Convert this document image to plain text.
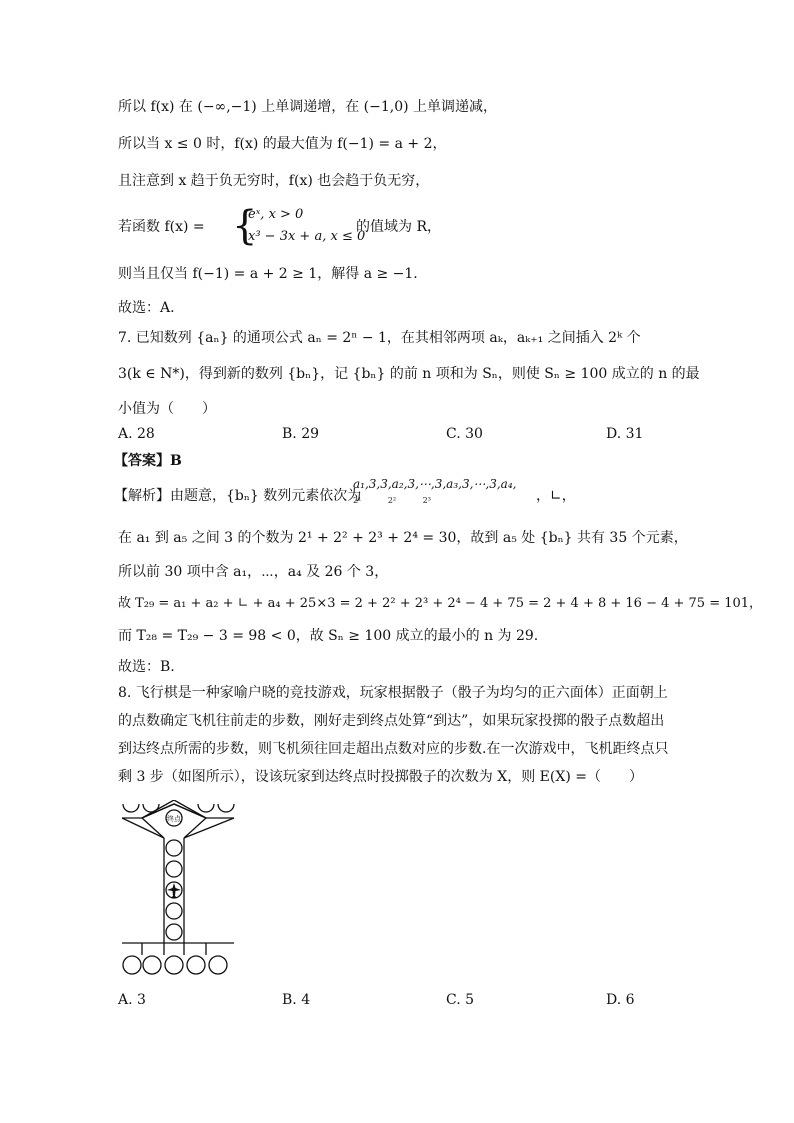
所以 f(x) 在 (−∞,−1) 上单调递增，在 (−1,0) 上单调递减，
所以当 x ≤ 0 时，f(x) 的最大值为 f(−1) = a + 2，
且注意到 x 趋于负无穷时，f(x) 也会趋于负无穷，
若函数 f(x) = {
eˣ, x > 0
x³ − 3x + a, x ≤ 0
的值域为 R，
则当且仅当 f(−1) = a + 2 ≥ 1，解得 a ≥ −1.
故选：A.
7. 已知数列 {aₙ} 的通项公式 aₙ = 2ⁿ − 1，在其相邻两项 aₖ，aₖ₊₁ 之间插入 2ᵏ 个
3(k ∈ N*)，得到新的数列 {bₙ}，记 {bₙ} 的前 n 项和为 Sₙ，则使 Sₙ ≥ 100 成立的 n 的最
小值为（　　）
A. 28	B. 29	C. 30	D. 31
【答案】B
【解析】由题意，{bₙ} 数列元素依次为
a₁,3,3,a₂,3,⋯,3,a₃,3,⋯,3,a₄,
2¹　　　 2²　　　 2³	，∟，
在 a₁ 到 a₅ 之间 3 的个数为 2¹ + 2² + 2³ + 2⁴ = 30，故到 a₅ 处 {bₙ} 共有 35 个元素，
所以前 30 项中含 a₁，⋯，a₄ 及 26 个 3，
故 T₂₉ = a₁ + a₂ + ∟ + a₄ + 25×3 = 2 + 2² + 2³ + 2⁴ − 4 + 75 = 2 + 4 + 8 + 16 − 4 + 75 = 101，
而 T₂₈ = T₂₉ − 3 = 98 < 0，故 Sₙ ≥ 100 成立的最小的 n 为 29.
故选：B.
8. 飞行棋是一种家喻户晓的竞技游戏，玩家根据骰子（骰子为均匀的正六面体）正面朝上
的点数确定飞机往前走的步数，刚好走到终点处算“到达”，如果玩家投掷的骰子点数超出
到达终点所需的步数，则飞机须往回走超出点数对应的步数.在一次游戏中，飞机距终点只
剩 3 步（如图所示），设该玩家到达终点时投掷骰子的次数为 X，则 E(X) =（　　）
终点
A. 3	B. 4	C. 5	D. 6
